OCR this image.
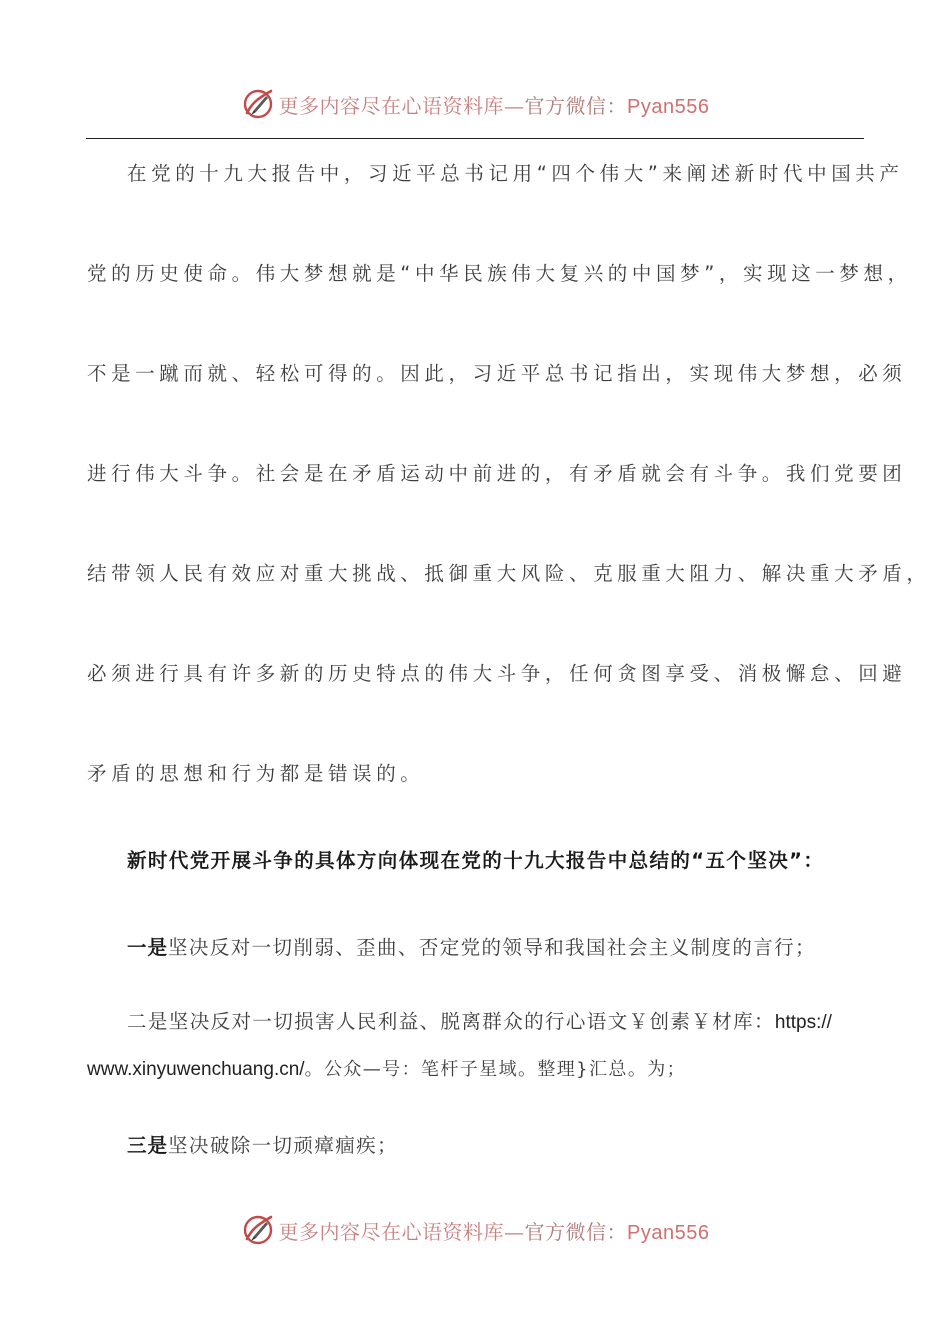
更多内容尽在心语资料库—官方微信：Pyan556
在党的十九大报告中，习近平总书记用“四个伟大”来阐述新时代中国共产
党的历史使命。伟大梦想就是“中华民族伟大复兴的中国梦”，实现这一梦想，
不是一蹴而就、轻松可得的。因此，习近平总书记指出，实现伟大梦想，必须
进行伟大斗争。社会是在矛盾运动中前进的，有矛盾就会有斗争。我们党要团
结带领人民有效应对重大挑战、抵御重大风险、克服重大阻力、解决重大矛盾，
必须进行具有许多新的历史特点的伟大斗争，任何贪图享受、消极懈怠、回避
矛盾的思想和行为都是错误的。
新时代党开展斗争的具体方向体现在党的十九大报告中总结的“五个坚决”：
一是坚决反对一切削弱、歪曲、否定党的领导和我国社会主义制度的言行；
二是坚决反对一切损害人民利益、脱离群众的行心语文￥创素￥材库：https://
www.xinyuwenchuang.cn/。公众—号：笔杆子星域。整理}汇总。为；
三是坚决破除一切顽瘴痼疾；
更多内容尽在心语资料库—官方微信：Pyan556
